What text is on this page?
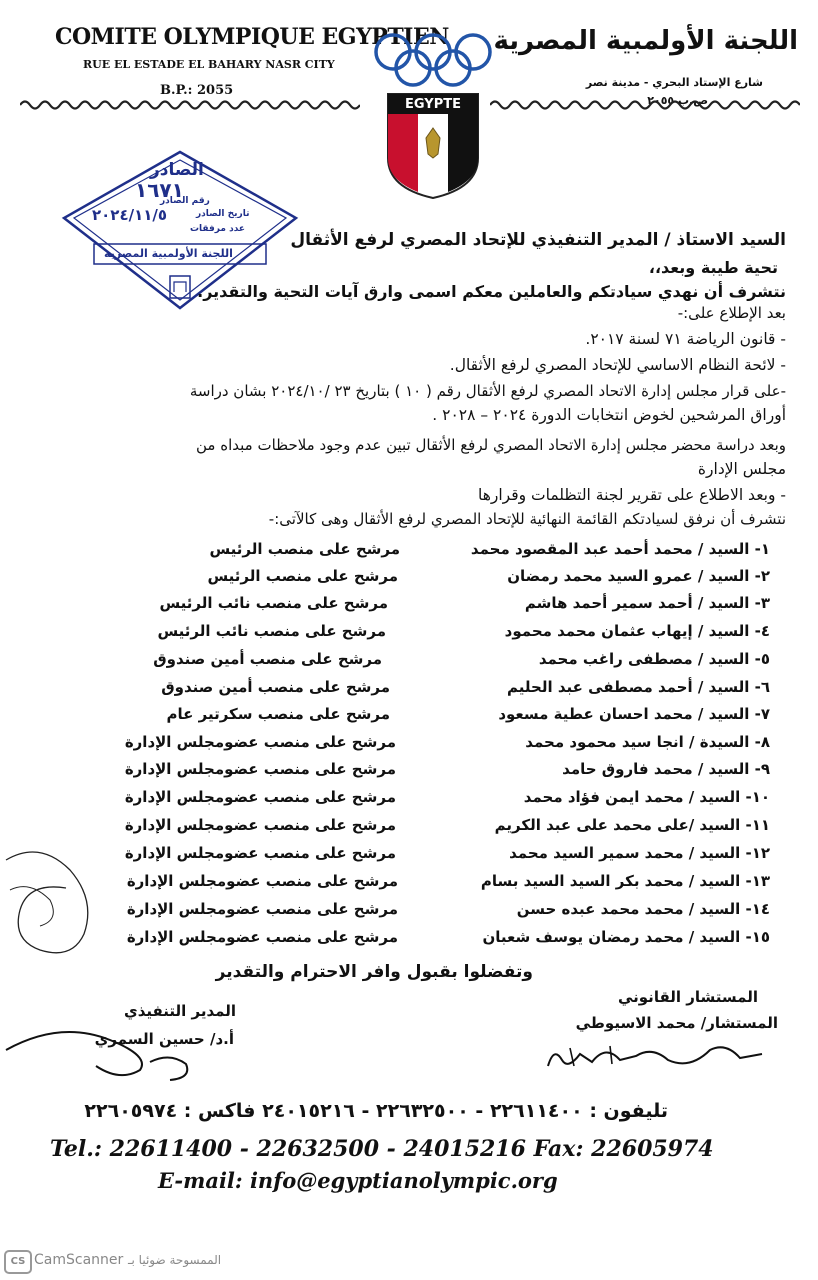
COMITE OLYMPIQUE EGYPTIEN
RUE EL ESTADE EL BAHARY NASR CITY
B.P.: 2055
اللجنة الأولمبية المصرية
شارع الإستاد البحري - مدينة نصر
ص.ب ٢٠٥٥
EGYPTE
الصادر
١٦٧١
رقم الصادر
تاريخ الصادر
٢٠٢٤/١١/٥
عدد مرفقات
اللجنة الأولمبية المصرية
السيد الاستاذ / المدير التنفيذي للإتحاد المصري لرفع الأثقال
تحية طيبة وبعد،،
نتشرف أن نهدي سيادتكم والعاملين معكم اسمى وارق آيات التحية والتقدير.
بعد الإطلاع على:-
- قانون الرياضة ٧١ لسنة ٢٠١٧.
- لائحة النظام الاساسي للإتحاد المصري لرفع الأثقال.
-على قرار مجلس إدارة الاتحاد المصري لرفع الأثقال رقم ( ١٠ ) بتاريخ ٢٣ /٢٠٢٤/١٠ بشان دراسة
أوراق المرشحين لخوض انتخابات الدورة ٢٠٢٤ – ٢٠٢٨ .
وبعد دراسة محضر مجلس إدارة الاتحاد المصري لرفع الأثقال تبين عدم وجود ملاحظات مبداه من
مجلس الإدارة
- وبعد الاطلاع على تقرير لجنة التظلمات وقرارها
نتشرف أن نرفق لسيادتكم القائمة النهائية للإتحاد المصري لرفع الأثقال وهى كالآتى:-
١- السيد / محمد أحمد عبد المقصود محمد
مرشح على منصب الرئيس
٢- السيد / عمرو السيد محمد رمضان
مرشح على منصب الرئيس
٣- السيد / أحمد سمير أحمد هاشم
مرشح على منصب نائب الرئيس
٤- السيد / إيهاب عثمان محمد محمود
مرشح على منصب نائب الرئيس
٥- السيد / مصطفى راغب محمد
مرشح على منصب أمين صندوق
٦- السيد / أحمد مصطفى عبد الحليم
مرشح على منصب أمين صندوق
٧- السيد / محمد احسان عطية مسعود
مرشح على منصب سكرتير عام
٨- السيدة / انجا سيد محمود محمد
مرشح على منصب عضومجلس الإدارة
٩- السيد / محمد فاروق حامد
مرشح على منصب عضومجلس الإدارة
١٠- السيد / محمد ايمن فؤاد محمد
مرشح على منصب عضومجلس الإدارة
١١- السيد /على محمد على عبد الكريم
مرشح على منصب عضومجلس الإدارة
١٢- السيد / محمد سمير السيد محمد
مرشح على منصب عضومجلس الإدارة
١٣- السيد / محمد بكر السيد السيد بسام
مرشح على منصب عضومجلس الإدارة
١٤- السيد / محمد محمد عبده حسن
مرشح على منصب عضومجلس الإدارة
١٥- السيد / محمد رمضان يوسف شعبان
مرشح على منصب عضومجلس الإدارة
وتفضلوا بقبول وافر الاحترام والتقدير
المستشار القانوني
المستشار/ محمد الاسيوطي
المدير التنفيذي
أ.د/ حسين السمري
تليفون : ٢٢٦١١٤٠٠ - ٢٢٦٣٢٥٠٠ - ٢٤٠١٥٢١٦ فاكس : ٢٢٦٠٥٩٧٤
Tel.: 22611400 - 22632500 - 24015216 Fax: 22605974
E-mail: info@egyptianolympic.org
CS CamScanner الممسوحة ضوئيا بـ
